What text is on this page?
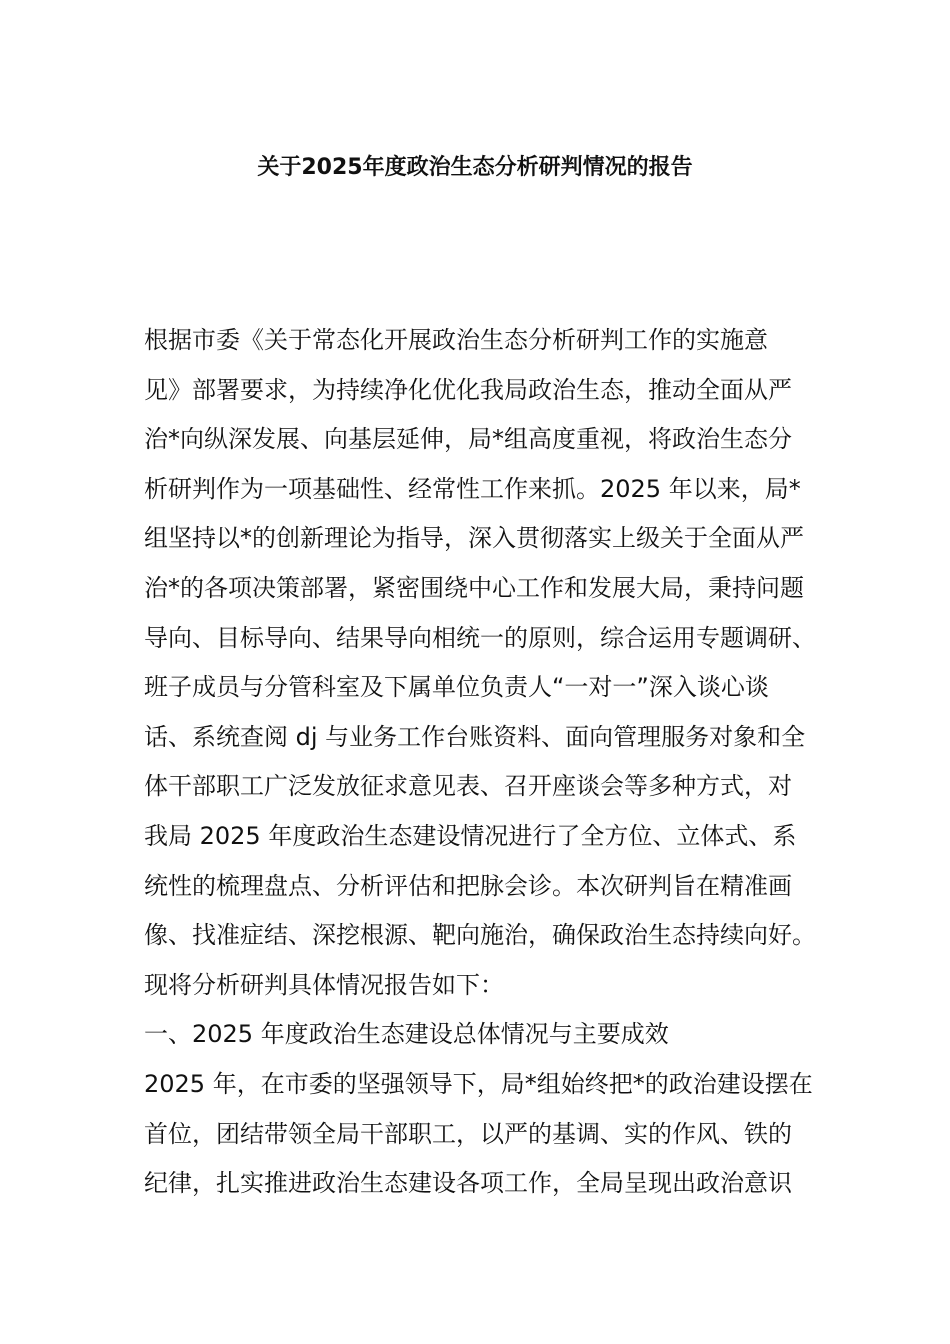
关于2025年度政治生态分析研判情况的报告
根据市委《关于常态化开展政治生态分析研判工作的实施意
见》部署要求，为持续净化优化我局政治生态，推动全面从严
治*向纵深发展、向基层延伸，局*组高度重视，将政治生态分
析研判作为一项基础性、经常性工作来抓。2025 年以来，局*
组坚持以*的创新理论为指导，深入贯彻落实上级关于全面从严
治*的各项决策部署，紧密围绕中心工作和发展大局，秉持问题
导向、目标导向、结果导向相统一的原则，综合运用专题调研、
班子成员与分管科室及下属单位负责人“一对一”深入谈心谈
话、系统查阅 dj 与业务工作台账资料、面向管理服务对象和全
体干部职工广泛发放征求意见表、召开座谈会等多种方式，对
我局 2025 年度政治生态建设情况进行了全方位、立体式、系
统性的梳理盘点、分析评估和把脉会诊。本次研判旨在精准画
像、找准症结、深挖根源、靶向施治，确保政治生态持续向好。
现将分析研判具体情况报告如下：
一、2025 年度政治生态建设总体情况与主要成效
2025 年，在市委的坚强领导下，局*组始终把*的政治建设摆在
首位，团结带领全局干部职工，以严的基调、实的作风、铁的
纪律，扎实推进政治生态建设各项工作，全局呈现出政治意识
